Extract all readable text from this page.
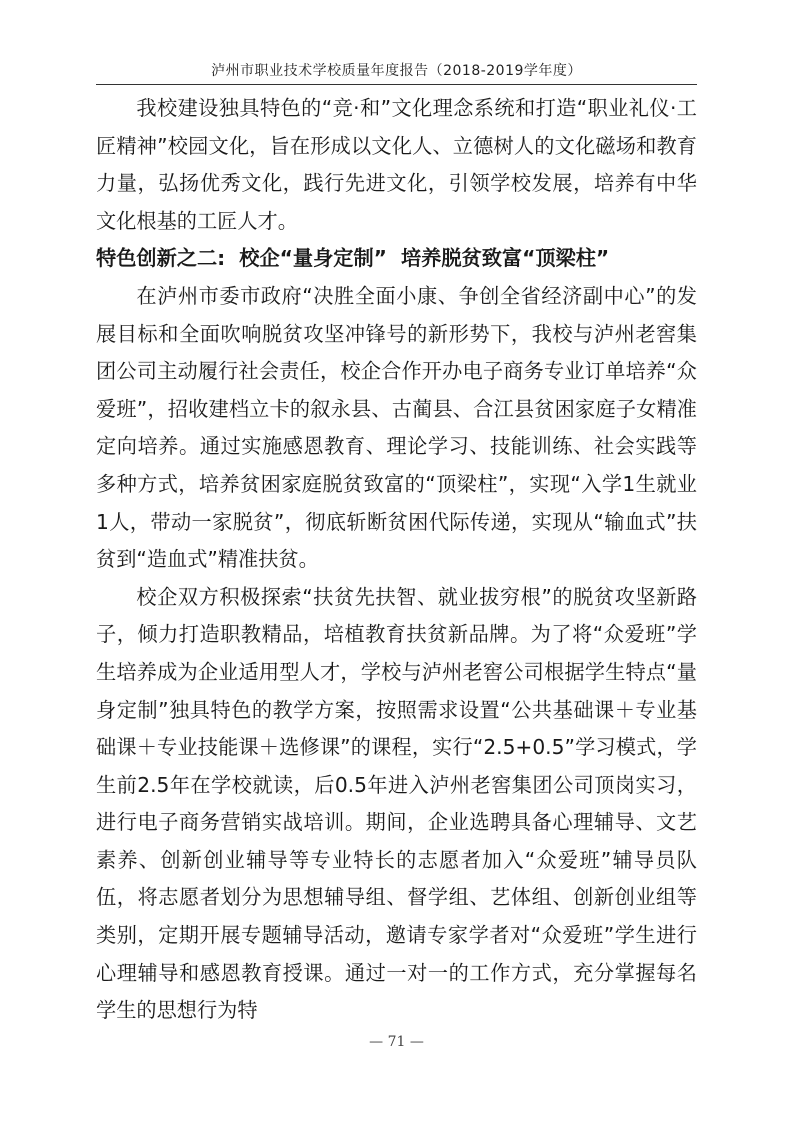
泸州市职业技术学校质量年度报告（2018-2019学年度）

我校建设独具特色的“竞·和”文化理念系统和打造“职业礼仪·工匠精神”校园文化，旨在形成以文化人、立德树人的文化磁场和教育力量，弘扬优秀文化，践行先进文化，引领学校发展，培养有中华文化根基的工匠人才。

特色创新之二:  校企“量身定制”  培养脱贫致富“顶梁柱”

在泸州市委市政府“决胜全面小康、争创全省经济副中心”的发展目标和全面吹响脱贫攻坚冲锋号的新形势下，我校与泸州老窖集团公司主动履行社会责任，校企合作开办电子商务专业订单培养“众爱班”，招收建档立卡的叙永县、古蔺县、合江县贫困家庭子女精准定向培养。通过实施感恩教育、理论学习、技能训练、社会实践等多种方式，培养贫困家庭脱贫致富的“顶梁柱”，实现“入学1生就业1人，带动一家脱贫”，彻底斩断贫困代际传递，实现从“输血式”扶贫到“造血式”精准扶贫。

校企双方积极探索“扶贫先扶智、就业拔穷根”的脱贫攻坚新路子，倾力打造职教精品，培植教育扶贫新品牌。为了将“众爱班”学生培养成为企业适用型人才，学校与泸州老窖公司根据学生特点“量身定制”独具特色的教学方案，按照需求设置“公共基础课＋专业基础课＋专业技能课＋选修课”的课程，实行“2.5+0.5”学习模式，学生前2.5年在学校就读，后0.5年进入泸州老窖集团公司顶岗实习，进行电子商务营销实战培训。期间，企业选聘具备心理辅导、文艺素养、创新创业辅导等专业特长的志愿者加入“众爱班”辅导员队伍，将志愿者划分为思想辅导组、督学组、艺体组、创新创业组等类别，定期开展专题辅导活动，邀请专家学者对“众爱班”学生进行心理辅导和感恩教育授课。通过一对一的工作方式，充分掌握每名学生的思想行为特

— 71 —
